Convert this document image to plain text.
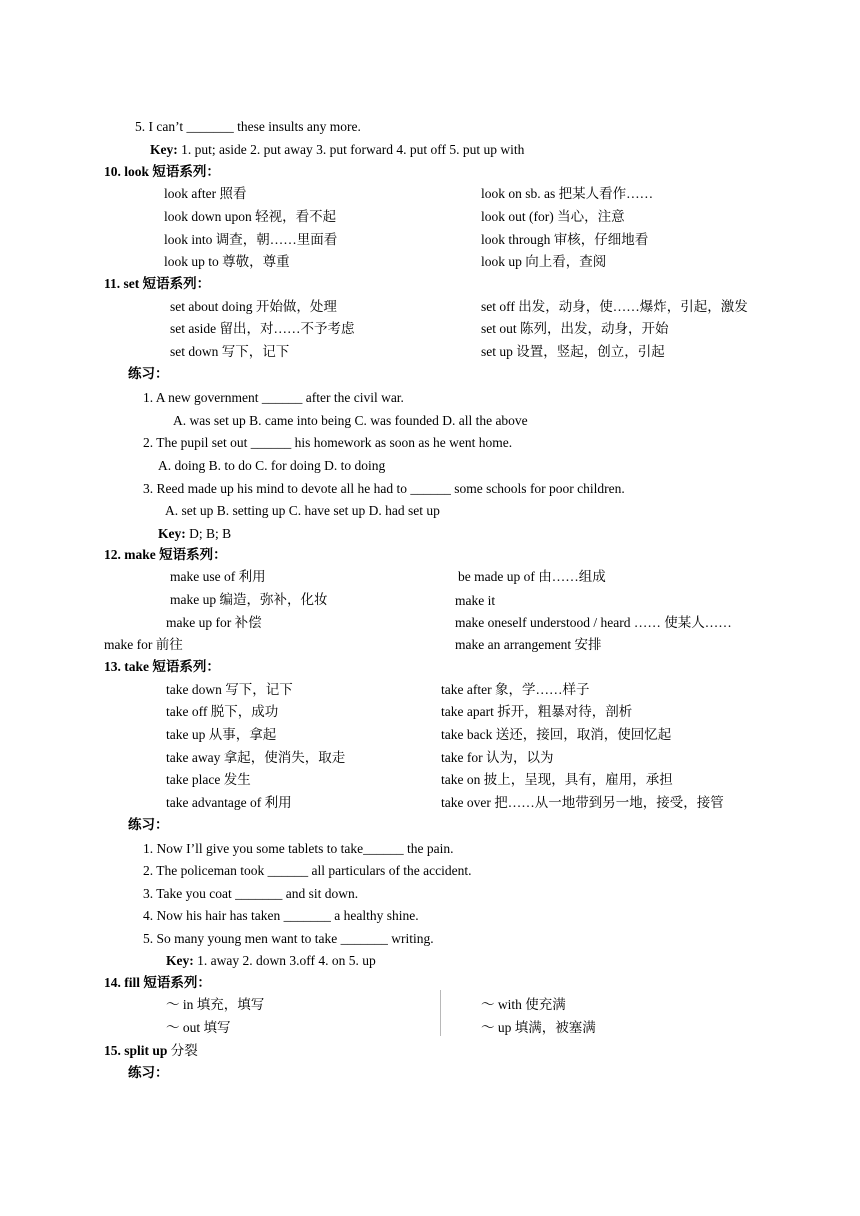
5. I can’t _______ these insults any more.
Key: 1. put; aside 2. put away 3. put forward 4. put off 5. put up with
10. look 短语系列：
look after 照看	look on sb. as 把某人看作……
look down upon 轻视，看不起	look out (for) 当心，注意
look into 调查，朝……里面看	look through 审核，仔细地看
look up to 尊敬，尊重	look up 向上看，查阅
11. set 短语系列：
set about doing 开始做，处理	set off 出发，动身，使……爆炸，引起，激发
set aside 留出，对……不予考虑	set out 陈列，出发，动身，开始
set down 写下，记下	set up 设置，竖起，创立，引起
练习：
1. A new government ______ after the civil war.
A. was set up B. came into being C. was founded D. all the above
2. The pupil set out ______ his homework as soon as he went home.
A. doing B. to do C. for doing D. to doing
3. Reed made up his mind to devote all he had to ______ some schools for poor children.
A. set up B. setting up C. have set up D. had set up
Key: D; B; B
12. make 短语系列：
make use of 利用	be made up of 由……组成
make up 编造，弥补，化妆	make it
make up for 补偿	make oneself understood / heard …… 使某人……
make for 前往	make an arrangement 安排
13. take 短语系列：
take down 写下，记下	take after 象，学……样子
take off 脱下，成功	take apart 拆开，粗暴对待，剖析
take up 从事，拿起	take back 送还，接回，取消，使回忆起
take away 拿起，使消失，取走	take for 认为，以为
take place 发生	take on 披上，呈现，具有，雇用，承担
take advantage of 利用	take over 把……从一地带到另一地，接受，接管
练习：
1. Now I’ll give you some tablets to take______ the pain.
2. The policeman took ______ all particulars of the accident.
3. Take you coat _______ and sit down.
4. Now his hair has taken _______ a healthy shine.
5. So many young men want to take _______ writing.
Key: 1. away 2. down 3.off 4. on 5. up
14. fill 短语系列：
～ in 填充，填写	～ with 使充满
～ out 填写	～ up 填满，被塞满
15. split up 分裂
练习：
